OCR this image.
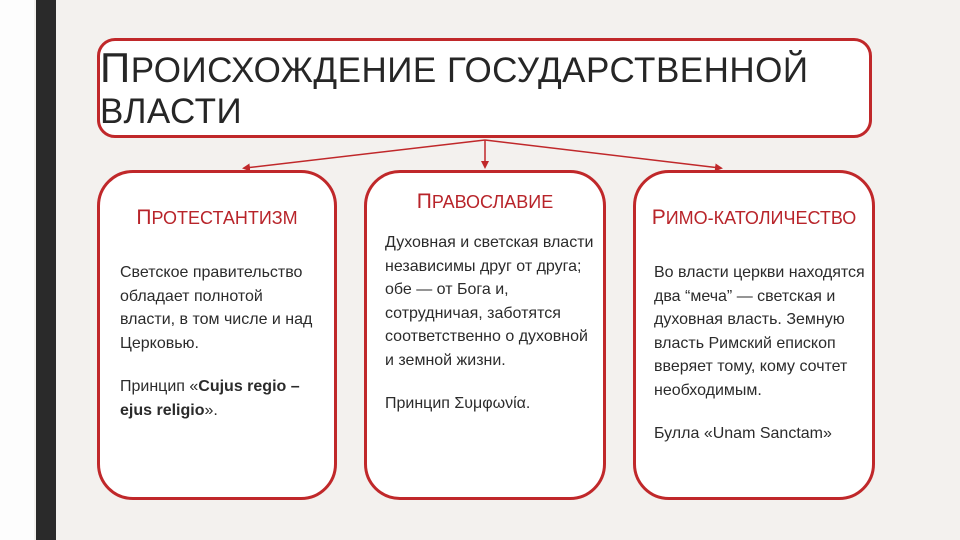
ПРОИСХОЖДЕНИЕ ГОСУДАРСТВЕННОЙ ВЛАСТИ
ПРОТЕСТАНТИЗМ

Светское правительство обладает полнотой власти, в том числе и над Церковью.

Принцип «Cujus regio – ejus religio».

ПРАВОСЛАВИЕ

Духовная и светская власти независимы друг от друга; обе — от Бога и, сотрудничая, заботятся соответственно о духовной и земной жизни.

Принцип Συμφωνία.

РИМО-КАТОЛИЧЕСТВО

Во власти церкви находятся два “меча” — светская и духовная власть. Земную власть Римский епископ вверяет тому, кому сочтет необходимым.

Булла «Unam Sanctam»
